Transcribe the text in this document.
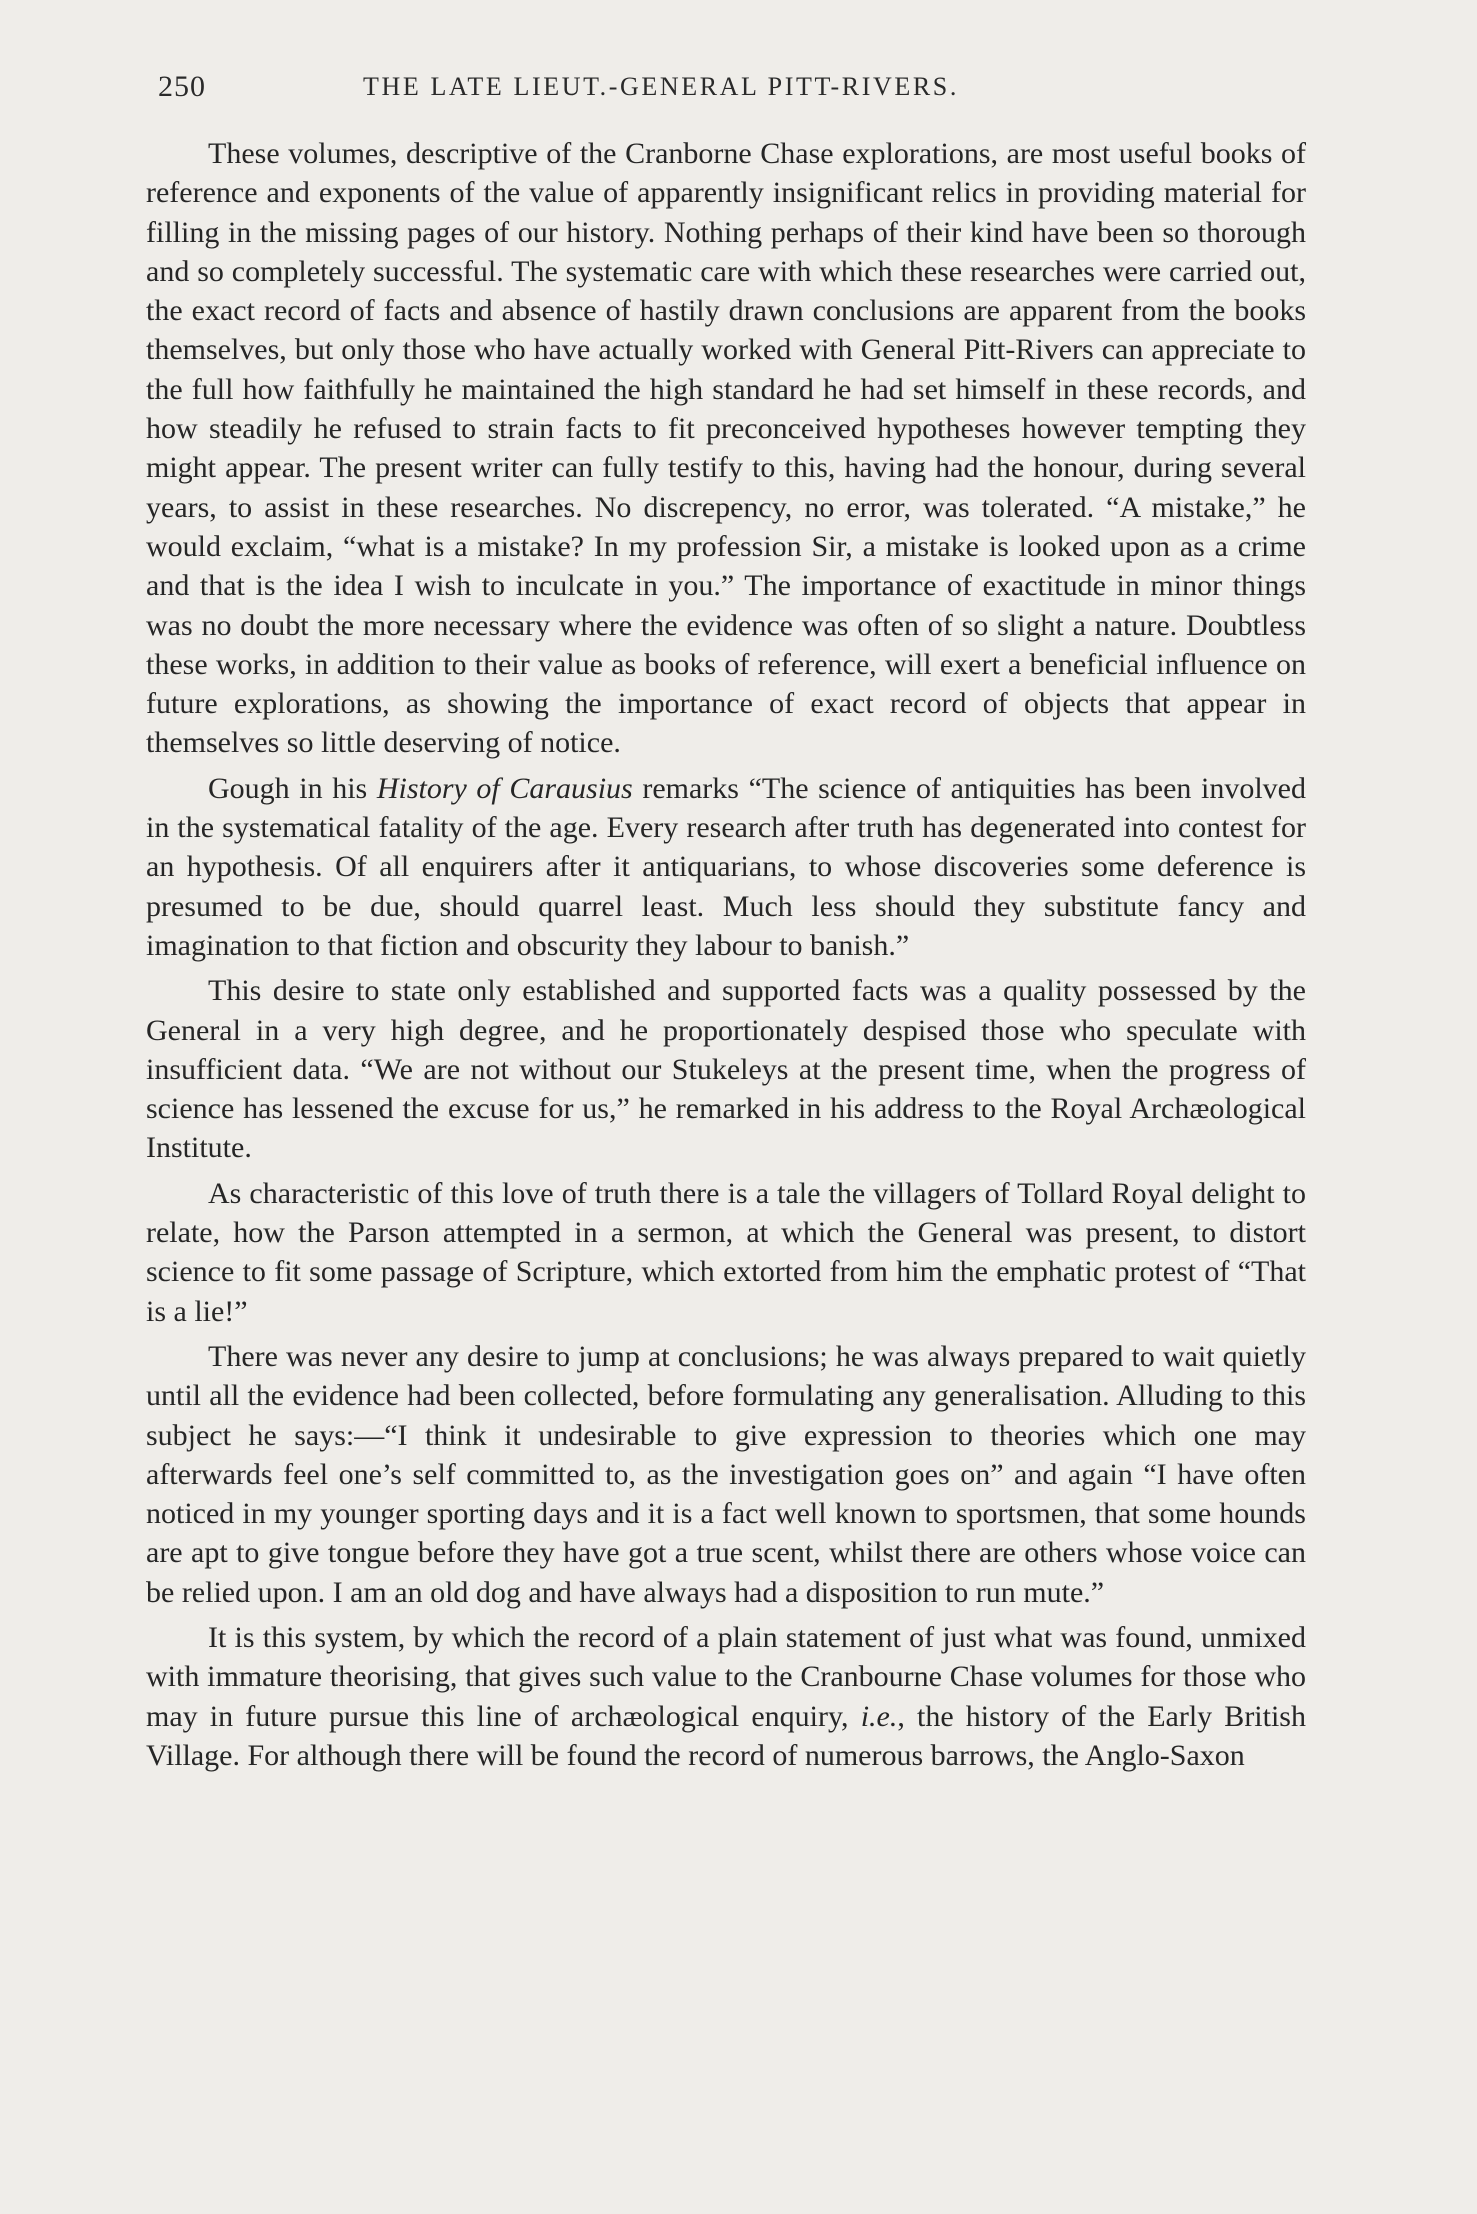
250	THE LATE LIEUT.-GENERAL PITT-RIVERS.

These volumes, descriptive of the Cranborne Chase explorations, are most useful books of reference and exponents of the value of apparently insignificant relics in providing material for filling in the missing pages of our history. Nothing perhaps of their kind have been so thorough and so completely successful. The systematic care with which these researches were carried out, the exact record of facts and absence of hastily drawn conclusions are apparent from the books themselves, but only those who have actually worked with General Pitt-Rivers can appreciate to the full how faithfully he maintained the high standard he had set himself in these records, and how steadily he refused to strain facts to fit preconceived hypotheses however tempting they might appear. The present writer can fully testify to this, having had the honour, during several years, to assist in these researches. No discrepency, no error, was tolerated. “A mistake,” he would exclaim, “what is a mistake? In my profession Sir, a mistake is looked upon as a crime and that is the idea I wish to inculcate in you.” The importance of exactitude in minor things was no doubt the more necessary where the evidence was often of so slight a nature. Doubtless these works, in addition to their value as books of reference, will exert a beneficial influence on future explorations, as showing the importance of exact record of objects that appear in themselves so little deserving of notice.

Gough in his History of Carausius remarks “The science of antiquities has been involved in the systematical fatality of the age. Every research after truth has degenerated into contest for an hypothesis. Of all enquirers after it antiquarians, to whose discoveries some deference is presumed to be due, should quarrel least. Much less should they substitute fancy and imagination to that fiction and obscurity they labour to banish.”

This desire to state only established and supported facts was a quality possessed by the General in a very high degree, and he proportionately despised those who speculate with insufficient data. “We are not without our Stukeleys at the present time, when the progress of science has lessened the excuse for us,” he remarked in his address to the Royal Archæological Institute.

As characteristic of this love of truth there is a tale the villagers of Tollard Royal delight to relate, how the Parson attempted in a sermon, at which the General was present, to distort science to fit some passage of Scripture, which extorted from him the emphatic protest of “That is a lie!”

There was never any desire to jump at conclusions; he was always prepared to wait quietly until all the evidence had been collected, before formulating any generalisation. Alluding to this subject he says:—“I think it undesirable to give expression to theories which one may afterwards feel one’s self committed to, as the investigation goes on” and again “I have often noticed in my younger sporting days and it is a fact well known to sportsmen, that some hounds are apt to give tongue before they have got a true scent, whilst there are others whose voice can be relied upon. I am an old dog and have always had a disposition to run mute.”

It is this system, by which the record of a plain statement of just what was found, unmixed with immature theorising, that gives such value to the Cranbourne Chase volumes for those who may in future pursue this line of archæological enquiry, i.e., the history of the Early British Village. For although there will be found the record of numerous barrows, the Anglo-Saxon
